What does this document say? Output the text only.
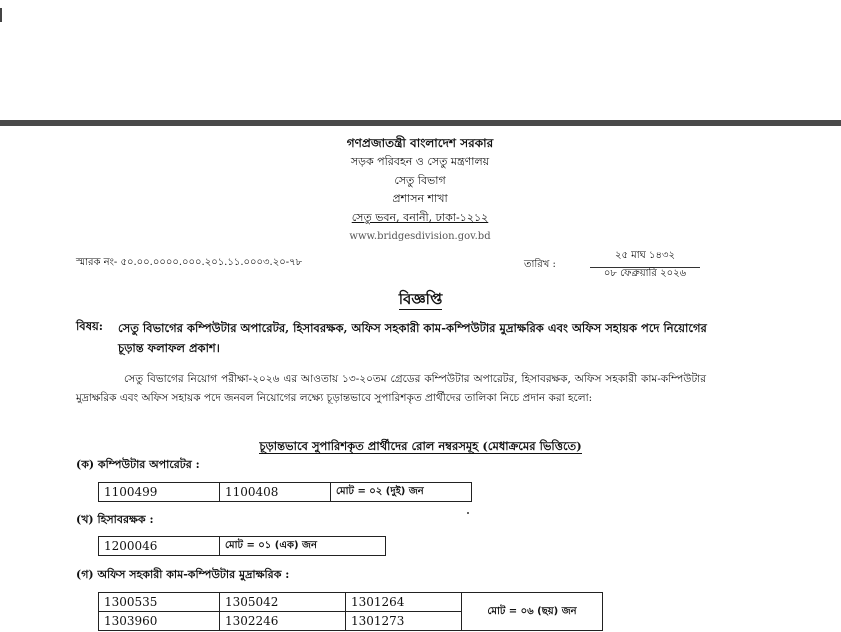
গণপ্রজাতন্ত্রী বাংলাদেশ সরকার
সড়ক পরিবহন ও সেতু মন্ত্রণালয়
সেতু বিভাগ
প্রশাসন শাখা
সেতু ভবন, বনানী, ঢাকা-১২১২
www.bridgesdivision.gov.bd
স্মারক নং- ৫০.০০.০০০০.০০০.২০১.১১.০০০৩.২০-৭৮	তারিখ :
২৫ মাঘ ১৪৩২
০৮ ফেব্রুয়ারি ২০২৬
বিজ্ঞপ্তি
বিষয়: সেতু বিভাগের কম্পিউটার অপারেটর, হিসাবরক্ষক, অফিস সহকারী কাম-কম্পিউটার মুদ্রাক্ষরিক এবং অফিস সহায়ক পদে নিয়োগের চূড়ান্ত ফলাফল প্রকাশ।
সেতু বিভাগের নিয়োগ পরীক্ষা-২০২৬ এর আওতায় ১৩-২০তম গ্রেডের কম্পিউটার অপারেটর, হিসাবরক্ষক, অফিস সহকারী কাম-কম্পিউটার মুদ্রাক্ষরিক এবং অফিস সহায়ক পদে জনবল নিয়োগের লক্ষ্যে চূড়ান্তভাবে সুপারিশকৃত প্রার্থীদের তালিকা নিচে প্রদান করা হলো:
চূড়ান্তভাবে সুপারিশকৃত প্রার্থীদের রোল নম্বরসমূহ (মেধাক্রমের ভিত্তিতে)
(ক) কম্পিউটার অপারেটর :
1100499	1100408	মোট = ০২ (দুই) জন
(খ) হিসাবরক্ষক :
1200046	মোট = ০১ (এক) জন
(গ) অফিস সহকারী কাম-কম্পিউটার মুদ্রাক্ষরিক :
1300535	1305042	1301264	মোট = ০৬ (ছয়) জন
1303960	1302246	1301273	
